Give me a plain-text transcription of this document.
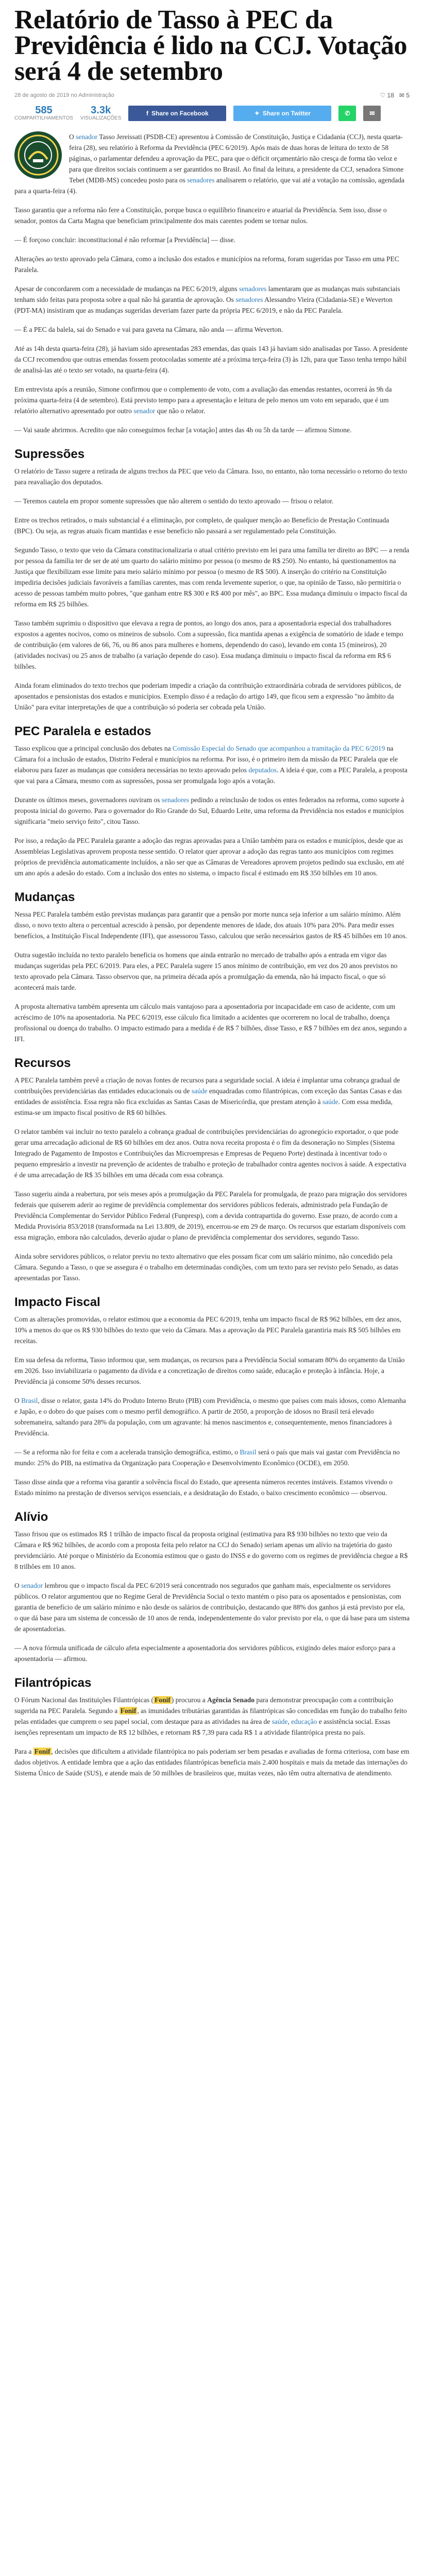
Relatório de Tasso à PEC da Previdência é lido na CCJ. Votação será 4 de setembro
28 de agosto de 2019 no Administração	♡ 18 ✉ 5
585
COMPARTILHAMENTOS
3.3k
VISUALIZAÇÕES
f Share on Facebook	✦ Share on Twitter	✆	✉

O senador Tasso Jereissati (PSDB-CE) apresentou à Comissão de Constituição, Justiça e Cidadania (CCJ), nesta quarta-feira (28), seu relatório à Reforma da Previdência (PEC 6/2019). Após mais de duas horas de leitura do texto de 58 páginas, o parlamentar defendeu a aprovação da PEC, para que o déficit orçamentário não cresça de forma tão veloz e para que direitos sociais continuem a ser garantidos no Brasil. Ao final da leitura, a presidente da CCJ, senadora Simone Tebet (MDB-MS) concedeu posto para os senadores analisarem o relatório, que vai até a votação na comissão, agendada para a quarta-feira (4).

Tasso garantiu que a reforma não fere a Constituição, porque busca o equilíbrio financeiro e atuarial da Previdência. Sem isso, disse o senador, pontos da Carta Magna que beneficiam principalmente dos mais carentes podem se tornar nulos.

— É forçoso concluir: inconstitucional é não reformar [a Previdência] — disse.

Alterações ao texto aprovado pela Câmara, como a inclusão dos estados e municípios na reforma, foram sugeridas por Tasso em uma PEC Paralela.

Apesar de concordarem com a necessidade de mudanças na PEC 6/2019, alguns senadores lamentaram que as mudanças mais substanciais tenham sido feitas para proposta sobre a qual não há garantia de aprovação. Os senadores Alessandro Vieira (Cidadania-SE) e Weverton (PDT-MA) insistiram que as mudanças sugeridas deveriam fazer parte da própria PEC 6/2019, e não da PEC Paralela.

— É a PEC da balela, sai do Senado e vai para gaveta na Câmara, não anda — afirma Weverton.

Até as 14h desta quarta-feira (28), já haviam sido apresentadas 283 emendas, das quais 143 já haviam sido analisadas por Tasso. A presidente da CCJ recomendou que outras emendas fossem protocoladas somente até a próxima terça-feira (3) às 12h, para que Tasso tenha tempo hábil de analisá-las até o texto ser votado, na quarta-feira (4).

Em entrevista após a reunião, Simone confirmou que o complemento de voto, com a avaliação das emendas restantes, ocorrerá às 9h da próxima quarta-feira (4 de setembro). Está previsto tempo para a apresentação e leitura de pelo menos um voto em separado, que é um relatório alternativo apresentado por outro senador que não o relator.

— Vai saude abrirmos. Acredito que não conseguimos fechar [a votação] antes das 4h ou 5h da tarde — afirmou Simone.

Supressões

O relatório de Tasso sugere a retirada de alguns trechos da PEC que veio da Câmara. Isso, no entanto, não torna necessário o retorno do texto para reavaliação dos deputados.

— Teremos cautela em propor somente supressões que não alterem o sentido do texto aprovado — frisou o relator.

Entre os trechos retirados, o mais substancial é a eliminação, por completo, de qualquer menção ao Benefício de Prestação Continuada (BPC). Ou seja, as regras atuais ficam mantidas e esse benefício não passará a ser regulamentado pela Constituição.

Segundo Tasso, o texto que veio da Câmara constitucionalizaria o atual critério previsto em lei para uma família ter direito ao BPC — a renda por pessoa da família ter de ser de até um quarto do salário mínimo por pessoa (o mesmo de R$ 250). No entanto, há questionamentos na Justiça que flexibilizam esse limite para meio salário mínimo por pessoa (o mesmo de R$ 500). A inserção do critério na Constituição impediria decisões judiciais favoráveis a famílias carentes, mas com renda levemente superior, o que, na opinião de Tasso, não permitiria o acesso de pessoas também muito pobres, "que ganham entre R$ 300 e R$ 400 por mês", ao BPC. Essa mudança diminuiu o impacto fiscal da reforma em R$ 25 bilhões.

Tasso também suprimiu o dispositivo que elevava a regra de pontos, ao longo dos anos, para a aposentadoria especial dos trabalhadores expostos a agentes nocivos, como os mineiros de subsolo. Com a supressão, fica mantida apenas a exigência de somatório de idade e tempo de contribuição (em valores de 66, 76, ou 86 anos para mulheres e homens, dependendo do caso), levando em conta 15 (mineiros), 20 (atividades nocivas) ou 25 anos de trabalho (a variação depende do caso). Essa mudança diminuiu o impacto fiscal da reforma em R$ 6 bilhões.

Ainda foram eliminados do texto trechos que poderiam impedir a criação da contribuição extraordinária cobrada de servidores públicos, de aposentados e pensionistas dos estados e municípios. Exemplo disso é a redação do artigo 149, que ficou sem a expressão "no âmbito da União" para evitar interpretações de que a contribuição só poderia ser cobrada pela União.

PEC Paralela e estados

Tasso explicou que a principal conclusão dos debates na Comissão Especial do Senado que acompanhou a tramitação da PEC 6/2019 na Câmara foi a inclusão de estados, Distrito Federal e municípios na reforma. Por isso, é o primeiro item da missão da PEC Paralela que ele elaborou para fazer as mudanças que considera necessárias no texto aprovado pelos deputados. A ideia é que, com a PEC Paralela, a proposta que vai para a Câmara, mesmo com as supressões, possa ser promulgada logo após a votação.

Durante os últimos meses, governadores ouviram os senadores pedindo a reinclusão de todos os entes federados na reforma, como suporte à proposta inicial do governo. Para o governador do Rio Grande do Sul, Eduardo Leite, uma reforma da Previdência nos estados e municípios significaria "meio serviço feito", citou Tasso.

Por isso, a redação da PEC Paralela garante a adoção das regras aprovadas para a União também para os estados e municípios, desde que as Assembleias Legislativas aprovem proposta nesse sentido. O relator quer aprovar a adoção das regras tanto aos municípios com regimes próprios de previdência automaticamente incluídos, a não ser que as Câmaras de Vereadores aprovem projetos pedindo sua exclusão, em até um ano após a adesão do estado. Com a inclusão dos entes no sistema, o impacto fiscal é estimado em R$ 350 bilhões em 10 anos.

Mudanças

Nessa PEC Paralela também estão previstas mudanças para garantir que a pensão por morte nunca seja inferior a um salário mínimo. Além disso, o novo texto altera o percentual acrescido à pensão, por dependente menores de idade, dos atuais 10% para 20%. Para medir esses benefícios, a Instituição Fiscal Independente (IFI), que assessorou Tasso, calculou que serão necessários gastos de R$ 45 bilhões em 10 anos.

Outra sugestão incluída no texto paralelo beneficia os homens que ainda entrarão no mercado de trabalho após a entrada em vigor das mudanças sugeridas pela PEC 6/2019. Para eles, a PEC Paralela sugere 15 anos mínimo de contribuição, em vez dos 20 anos previstos no texto aprovado pela Câmara. Tasso observou que, na primeira década após a promulgação da emenda, não há impacto fiscal, o que só acontecerá mais tarde.

A proposta alternativa também apresenta um cálculo mais vantajoso para a aposentadoria por incapacidade em caso de acidente, com um acréscimo de 10% na aposentadoria. Na PEC 6/2019, esse cálculo fica limitado a acidentes que ocorrerem no local de trabalho, doença profissional ou doença do trabalho. O impacto estimado para a medida é de R$ 7 bilhões, disse Tasso, e R$ 7 bilhões em dez anos, segundo a IFI.

Recursos

A PEC Paralela também prevê a criação de novas fontes de recursos para a seguridade social. A ideia é implantar uma cobrança gradual de contribuições previdenciárias das entidades educacionais ou de saúde enquadradas como filantrópicas, com exceção das Santas Casas e das entidades de assistência. Essa regra não fica excluídas as Santas Casas de Misericórdia, que prestam atenção à saúde. Com essa medida, estima-se um impacto fiscal positivo de R$ 60 bilhões.

O relator também vai incluir no texto paralelo a cobrança gradual de contribuições previdenciárias do agronegócio exportador, o que pode gerar uma arrecadação adicional de R$ 60 bilhões em dez anos. Outra nova receita proposta é o fim da desoneração no Simples (Sistema Integrado de Pagamento de Impostos e Contribuições das Microempresas e Empresas de Pequeno Porte) destinada à incentivar todo o pequeno empresário a investir na prevenção de acidentes de trabalho e proteção de trabalhador contra agentes nocivos à saúde. A expectativa é de uma arrecadação de R$ 35 bilhões em uma década com essa cobrança.

Tasso sugeriu ainda a reabertura, por seis meses após a promulgação da PEC Paralela for promulgada, de prazo para migração dos servidores federais que quiserem aderir ao regime de previdência complementar dos servidores públicos federais, administrado pela Fundação de Previdência Complementar do Servidor Público Federal (Funpresp), com a devida contrapartida do governo. Esse prazo, de acordo com a Medida Provisória 853/2018 (transformada na Lei 13.809, de 2019), encerrou-se em 29 de março. Os recursos que estariam disponíveis com essa migração, embora não calculados, deverão ajudar o plano de previdência complementar dos servidores, segundo Tasso.

Ainda sobre servidores públicos, o relator previu no texto alternativo que eles possam ficar com um salário mínimo, não concedido pela Câmara. Segundo a Tasso, o que se assegura é o trabalho em determinadas condições, com um texto para ser revisto pelo Senado, as datas apresentadas por Tasso.

Impacto Fiscal

Com as alterações promovidas, o relator estimou que a economia da PEC 6/2019, tenha um impacto fiscal de R$ 962 bilhões, em dez anos, 10% a menos do que os R$ 930 bilhões do texto que veio da Câmara. Mas a aprovação da PEC Paralela garantiria mais R$ 505 bilhões em receitas.

Em sua defesa da reforma, Tasso informou que, sem mudanças, os recursos para a Previdência Social somaram 80% do orçamento da União em 2026. Isso inviabilizaria o pagamento da dívida e a concretização de direitos como saúde, educação e proteção à infância. Hoje, a Previdência já consome 50% desses recursos.

O Brasil, disse o relator, gasta 14% do Produto Interno Bruto (PIB) com Previdência, o mesmo que países com mais idosos, como Alemanha e Japão, e o dobro do que países com o mesmo perfil demográfico. A partir de 2050, a proporção de idosos no Brasil terá elevado sobremaneira, saltando para 28% da população, com um agravante: há menos nascimentos e, consequentemente, menos financiadores à Previdência.

— Se a reforma não for feita e com a acelerada transição demográfica, estimo, o Brasil será o país que mais vai gastar com Previdência no mundo: 25% do PIB, na estimativa da Organização para Cooperação e Desenvolvimento Econômico (OCDE), em 2050.

Tasso disse ainda que a reforma visa garantir a solvência fiscal do Estado, que apresenta números recentes instáveis. Estamos vivendo o Estado mínimo na prestação de diversos serviços essenciais, e a desidratação do Estado, o baixo crescimento econômico — observou.

Alívio

Tasso frisou que os estimados R$ 1 trilhão de impacto fiscal da proposta original (estimativa para R$ 930 bilhões no texto que veio da Câmara e R$ 962 bilhões, de acordo com a proposta feita pelo relator na CCJ do Senado) seriam apenas um alívio na trajetória do gasto previdenciário. Até porque o Ministério da Economia estimou que o gasto do INSS e do governo com os regimes de previdência chegue a R$ 8 trilhões em 10 anos.

O senador lembrou que o impacto fiscal da PEC 6/2019 será concentrado nos segurados que ganham mais, especialmente os servidores públicos. O relator argumentou que no Regime Geral de Previdência Social o texto mantém o piso para os aposentados e pensionistas, com garantia de benefício de um salário mínimo e não desde os salários de contribuição, destacando que 88% dos ganhos já está previsto por ela, o que dá base para um sistema de concessão de 10 anos de renda, independentemente do valor previsto por ela, o que dá base para um sistema de aposentadorias.

— A nova fórmula unificada de cálculo afeta especialmente a aposentadoria dos servidores públicos, exigindo deles maior esforço para a aposentadoria — afirmou.

Filantrópicas

O Fórum Nacional das Instituições Filantrópicas ( Fonif ) procurou a Agência Senado para demonstrar preocupação com a contribuição sugerida na PEC Paralela. Segundo a Fonif , as imunidades tributárias garantidas às filantrópicas são concedidas em função do trabalho feito pelas entidades que cumprem o seu papel social, com destaque para as atividades na área de saúde, educação e assistência social. Essas isenções representam um impacto de R$ 12 bilhões, e retornam R$ 7,39 para cada R$ 1 a atividade filantrópica presta no país.

Para a Fonif , decisões que dificultem a atividade filantrópica no país poderiam ser bem pesadas e avaliadas de forma criteriosa, com base em dados objetivos. A entidade lembra que a ação das entidades filantrópicas beneficia mais 2.400 hospitais e mais da metade das internações do Sistema Único de Saúde (SUS), e atende mais de 50 milhões de brasileiros que, muitas vezes, não têm outra alternativa de atendimento.
